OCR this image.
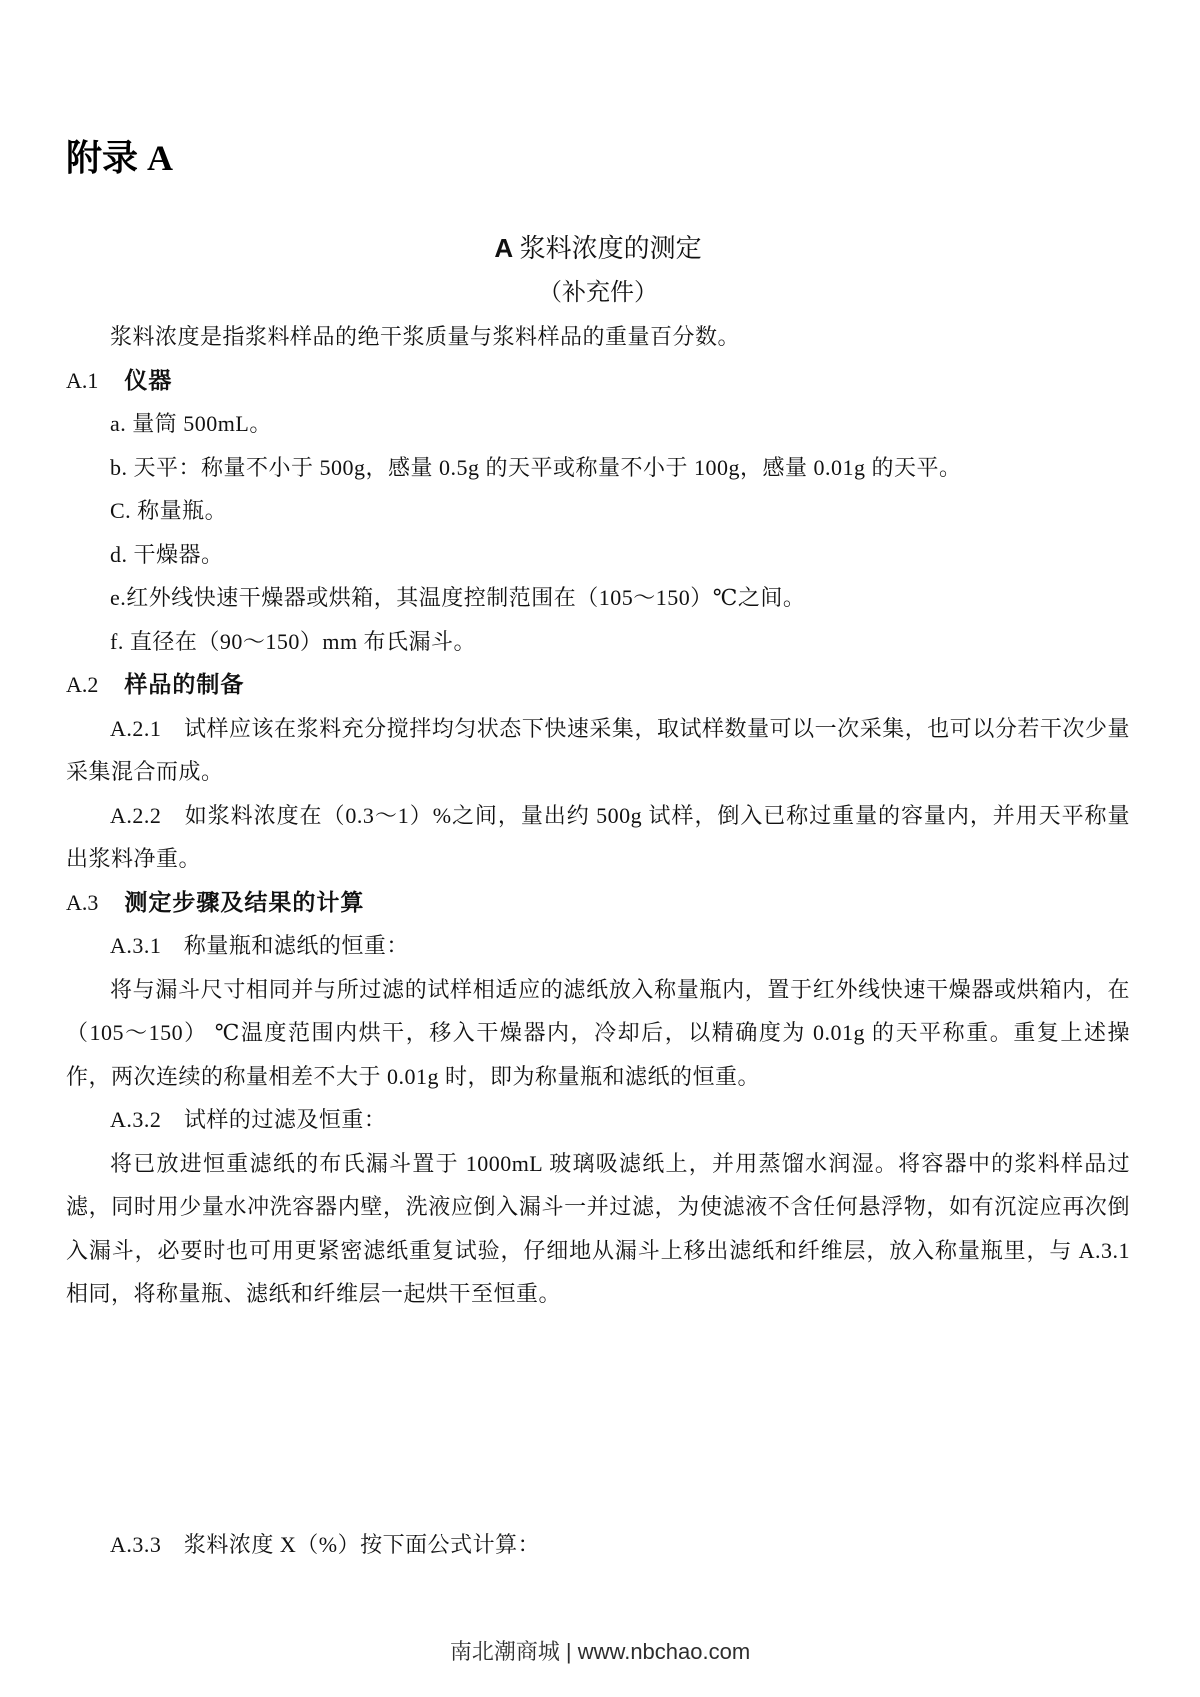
附录 A
A 浆料浓度的测定
（补充件）

浆料浓度是指浆料样品的绝干浆质量与浆料样品的重量百分数。

A.1 仪器

a. 量筒 500mL。

b. 天平：称量不小于 500g，感量 0.5g 的天平或称量不小于 100g，感量 0.01g 的天平。

C. 称量瓶。

d. 干燥器。

e.红外线快速干燥器或烘箱，其温度控制范围在（105～150）℃之间。

f. 直径在（90～150）mm 布氏漏斗。

A.2 样品的制备

A.2.1　试样应该在浆料充分搅拌均匀状态下快速采集，取试样数量可以一次采集，也可以分若干次少量采集混合而成。

A.2.2　如浆料浓度在（0.3～1）%之间，量出约 500g 试样，倒入已称过重量的容量内，并用天平称量出浆料净重。

A.3 测定步骤及结果的计算

A.3.1　称量瓶和滤纸的恒重：

将与漏斗尺寸相同并与所过滤的试样相适应的滤纸放入称量瓶内，置于红外线快速干燥器或烘箱内，在（105～150） ℃温度范围内烘干，移入干燥器内，冷却后，以精确度为 0.01g 的天平称重。重复上述操作，两次连续的称量相差不大于 0.01g 时，即为称量瓶和滤纸的恒重。

A.3.2　试样的过滤及恒重：

将已放进恒重滤纸的布氏漏斗置于 1000mL 玻璃吸滤纸上，并用蒸馏水润湿。将容器中的浆料样品过滤，同时用少量水冲洗容器内壁，洗液应倒入漏斗一并过滤，为使滤液不含任何悬浮物，如有沉淀应再次倒入漏斗，必要时也可用更紧密滤纸重复试验，仔细地从漏斗上移出滤纸和纤维层，放入称量瓶里，与 A.3.1 相同，将称量瓶、滤纸和纤维层一起烘干至恒重。

A.3.3　浆料浓度 X（%）按下面公式计算：

南北潮商城 | www.nbchao.com
